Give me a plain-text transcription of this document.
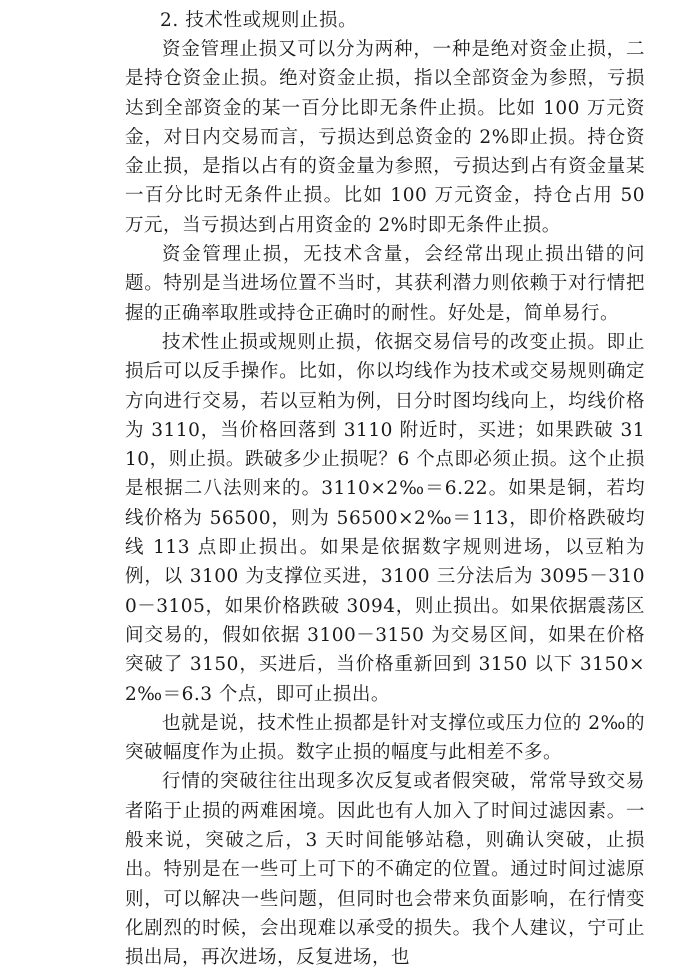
2. 技术性或规则止损。

资金管理止损又可以分为两种，一种是绝对资金止损，二是持仓资金止损。绝对资金止损，指以全部资金为参照，亏损达到全部资金的某一百分比即无条件止损。比如 100 万元资金，对日内交易而言，亏损达到总资金的 2%即止损。持仓资金止损，是指以占有的资金量为参照，亏损达到占有资金量某一百分比时无条件止损。比如 100 万元资金，持仓占用 50 万元，当亏损达到占用资金的 2%时即无条件止损。

资金管理止损，无技术含量，会经常出现止损出错的问题。特别是当进场位置不当时，其获利潜力则依赖于对行情把握的正确率取胜或持仓正确时的耐性。好处是，简单易行。

技术性止损或规则止损，依据交易信号的改变止损。即止损后可以反手操作。比如，你以均线作为技术或交易规则确定方向进行交易，若以豆粕为例，日分时图均线向上，均线价格为 3110，当价格回落到 3110 附近时，买进；如果跌破 3110，则止损。跌破多少止损呢？6 个点即必须止损。这个止损是根据二八法则来的。3110×2‰＝6.22。如果是铜，若均线价格为 56500，则为 56500×2‰＝113，即价格跌破均线 113 点即止损出。如果是依据数字规则进场，以豆粕为例，以 3100 为支撑位买进，3100 三分法后为 3095－3100－3105，如果价格跌破 3094，则止损出。如果依据震荡区间交易的，假如依据 3100－3150 为交易区间，如果在价格突破了 3150，买进后，当价格重新回到 3150 以下 3150×2‰＝6.3 个点，即可止损出。

也就是说，技术性止损都是针对支撑位或压力位的 2‰的突破幅度作为止损。数字止损的幅度与此相差不多。

行情的突破往往出现多次反复或者假突破，常常导致交易者陷于止损的两难困境。因此也有人加入了时间过滤因素。一般来说，突破之后，3 天时间能够站稳，则确认突破，止损出。特别是在一些可上可下的不确定的位置。通过时间过滤原则，可以解决一些问题，但同时也会带来负面影响，在行情变化剧烈的时候，会出现难以承受的损失。我个人建议，宁可止损出局，再次进场，反复进场，也
